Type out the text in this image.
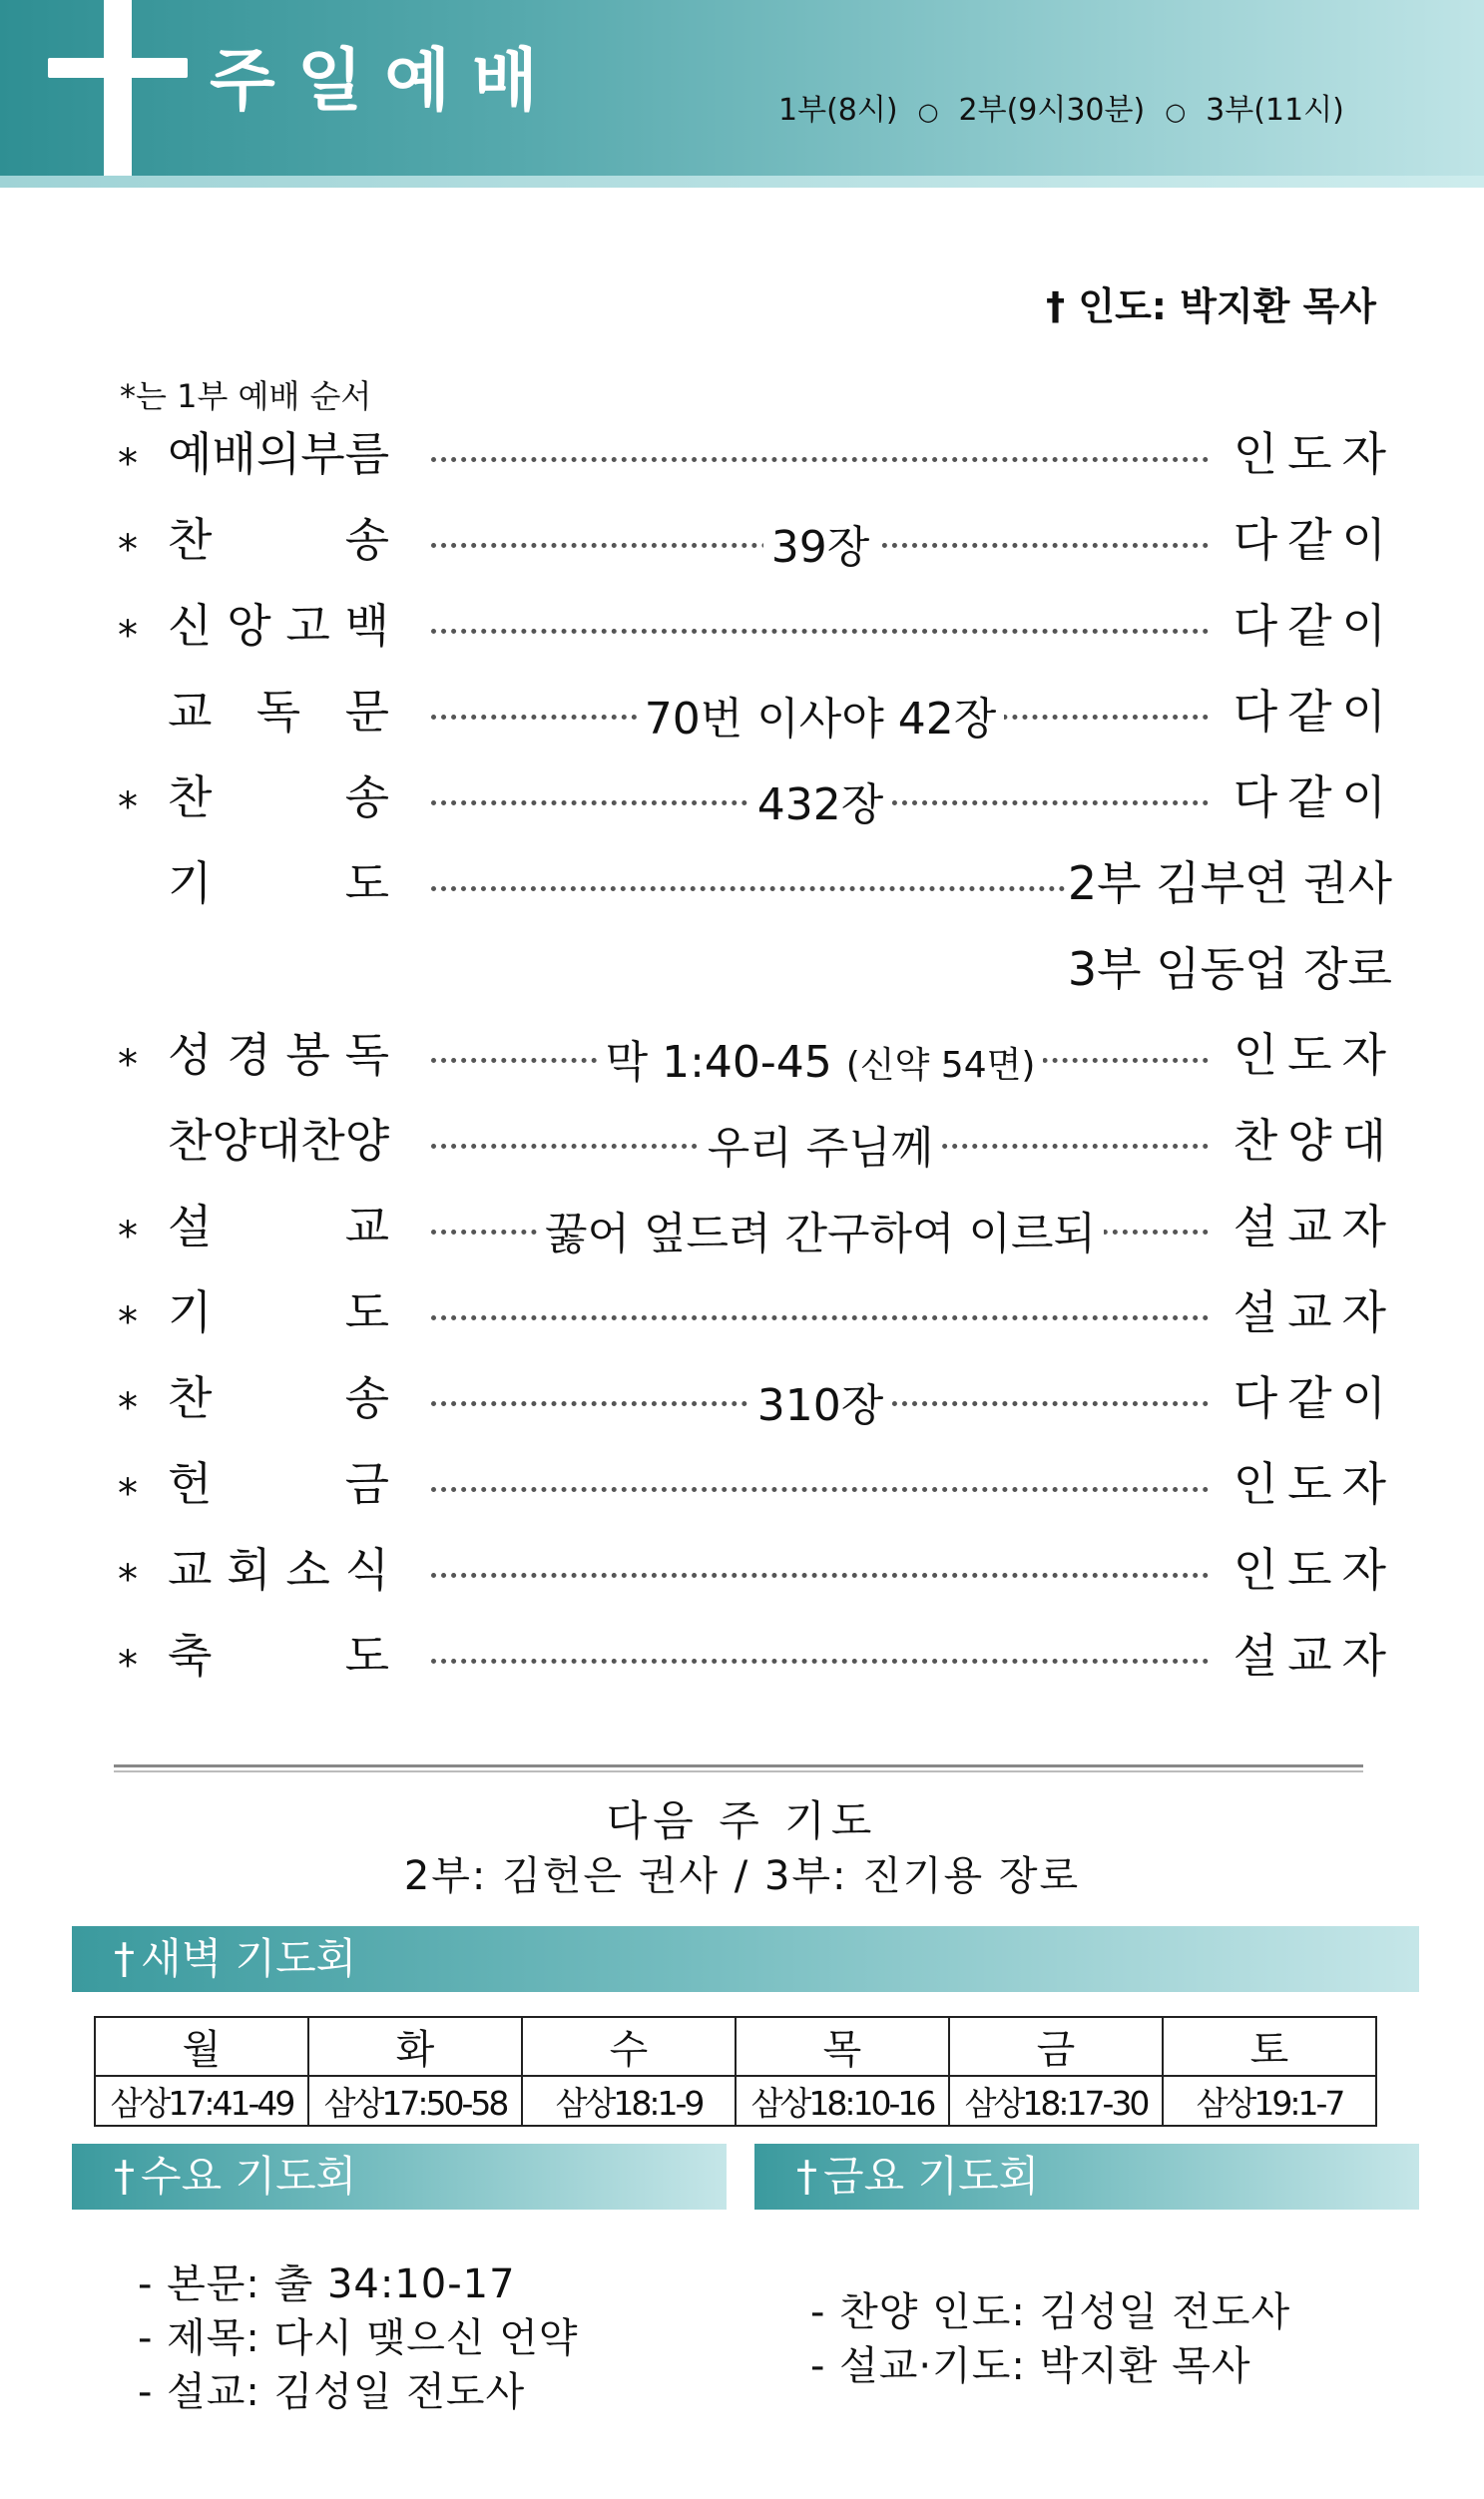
주일예배	1부(8시) ○ 2부(9시30분) ○ 3부(11시)
† 인도: 박지환 목사
*는 1부 예배 순서
* 예배의부름	인도자
* 찬	송	39장	다같이
* 신 앙 고 백	다같이
교 독 문	70번 이사야 42장	다같이
* 찬	송	432장	다같이
기	도	2부 김부연 권사
3부 임동업 장로
* 성 경 봉 독	막 1:40-45 (신약 54면)	인도자
찬양대찬양	우리 주님께	찬양대
* 설	교	꿇어 엎드려 간구하여 이르되	설교자
* 기	도	설교자
* 찬	송	310장	다같이
* 헌	금	인도자
* 교 회 소 식	인도자
* 축	도	설교자
다음 주 기도
2부: 김헌은 권사 / 3부: 진기용 장로
† 새벽 기도회
월	화	수	목	금	토
삼상17:41-49	삼상17:50-58	삼상18:1-9	삼상18:10-16	삼상18:17-30	삼상19:1-7
† 수요 기도회	† 금요 기도회
- 본문: 출 34:10-17
- 제목: 다시 맺으신 언약
- 설교: 김성일 전도사
- 찬양 인도: 김성일 전도사
- 설교·기도: 박지환 목사
